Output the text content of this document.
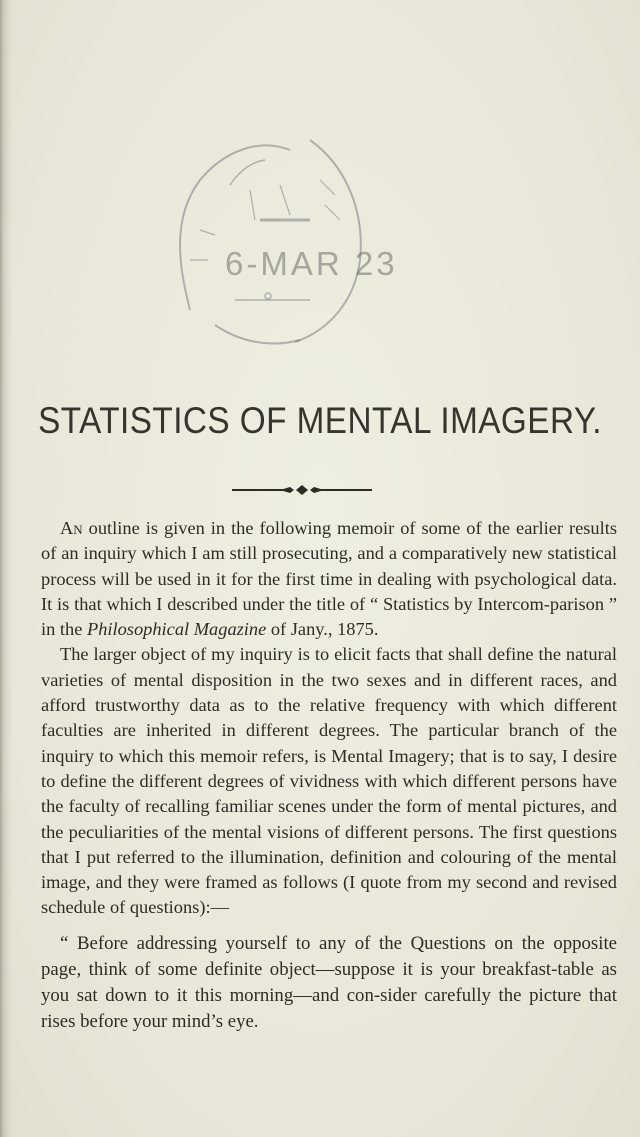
6-MAR 23
STATISTICS OF MENTAL IMAGERY.

An outline is given in the following memoir of some of the earlier results of an inquiry which I am still prosecuting, and a comparatively new statistical process will be used in it for the first time in dealing with psychological data. It is that which I described under the title of “ Statistics by Intercom-parison ” in the Philosophical Magazine of Jany., 1875.

The larger object of my inquiry is to elicit facts that shall define the natural varieties of mental disposition in the two sexes and in different races, and afford trustworthy data as to the relative frequency with which different faculties are inherited in different degrees. The particular branch of the inquiry to which this memoir refers, is Mental Imagery; that is to say, I desire to define the different degrees of vividness with which different persons have the faculty of recalling familiar scenes under the form of mental pictures, and the peculiarities of the mental visions of different persons. The first questions that I put referred to the illumination, definition and colouring of the mental image, and they were framed as follows (I quote from my second and revised schedule of questions):—

“ Before addressing yourself to any of the Questions on the opposite page, think of some definite object—suppose it is your breakfast-table as you sat down to it this morning—and con-sider carefully the picture that rises before your mind’s eye.
